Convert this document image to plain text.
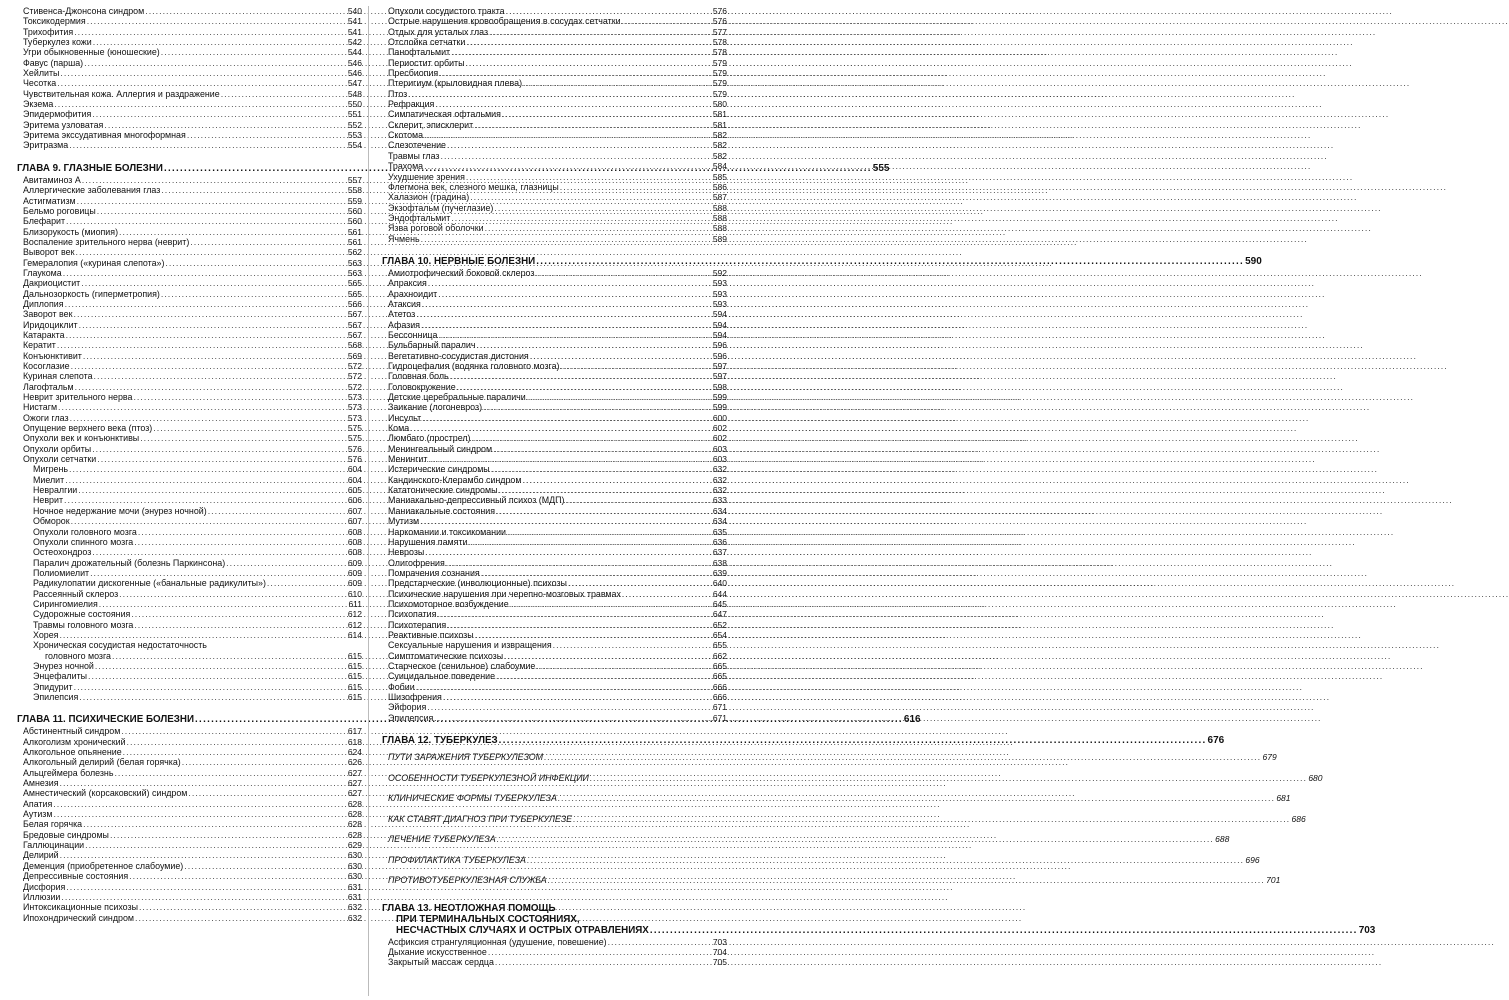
Стивенса-Джонсона синдром .....	540
Токсикодермия .....	541
Трихофития .....	541
Туберкулез кожи .....	542
Угри обыкновенные (юношеские) .....	544
Фавус (парша) .....	546
Хейлиты .....	546
Чесотка .....	547
Чувствительная кожа. Аллергия и раздражение .....	548
Экзема .....	550
Эпидермофития .....	551
Эритема узловатая .....	552
Эритема экссудативная многоформная .....	553
Эритразма .....	554
ГЛАВА 9. ГЛАЗНЫЕ БОЛЕЗНИ .....	555
Авитаминоз А .....	557
Аллергические заболевания глаз .....	558
Астигматизм .....	559
Бельмо роговицы .....	560
Блефарит .....	560
Близорукость (миопия) .....	561
Воспаление зрительного нерва (неврит) .....	561
Выворот век .....	562
Гемералопия («куриная слепота») .....	563
Глаукома .....	563
Дакриоцистит .....	565
Дальнозоркость (гиперметропия) .....	565
Диплопия .....	566
Заворот век .....	567
Иридоциклит .....	567
Катаракта .....	567
Кератит .....	568
Конъюнктивит .....	569
Косоглазие .....	572
Куриная слепота .....	572
Лагофтальм .....	572
Неврит зрительного нерва .....	573
Нистагм .....	573
Ожоги глаз .....	573
Опущение верхнего века (птоз) .....	575
Опухоли век и конъюнктивы .....	575
Опухоли орбиты .....	576
Опухоли сетчатки .....	576
Мигрень .....	604
Миелит .....	604
Невралгии .....	605
Неврит .....	606
Ночное недержание мочи (энурез ночной) .....	607
Обморок .....	607
Опухоли головного мозга .....	608
Опухоли спинного мозга .....	608
Остеохондроз .....	608
Паралич дрожательный (болезнь Паркинсона) .....	609
Полиомиелит .....	609
Радикулопатии дискогенные («банальные радикулиты») .....	609
Рассеянный склероз .....	610
Сирингомиелия .....	611
Судорожные состояния .....	612
Травмы головного мозга .....	612
Хорея .....	614
Хроническая сосудистая недостаточность
головного мозга .....	615
Энурез ночной .....	615
Энцефалиты .....	615
Эпидурит .....	615
Эпилепсия .....	615
ГЛАВА 11. ПСИХИЧЕСКИЕ БОЛЕЗНИ .....	616
Абстинентный синдром .....	617
Алкоголизм хронический .....	618
Алкогольное опьянение .....	624
Алкогольный делирий (белая горячка) .....	626
Альцгеймера болезнь .....	627
Амнезия .....	627
Амнестический (корсаковский) синдром .....	627
Апатия .....	628
Аутизм .....	628
Белая горячка .....	628
Бредовые синдромы .....	628
Галлюцинации .....	629
Делирий .....	630
Деменция (приобретенное слабоумие) .....	630
Депрессивные состояния .....	630
Дисфория .....	631
Иллюзии .....	631
Интоксикационные психозы .....	632
Ипохондрический синдром .....	632
Опухоли сосудистого тракта .....	576
Острые нарушения кровообращения в сосудах сетчатки .....	576
Отдых для усталых глаз .....	577
Отслойка сетчатки .....	578
Панофтальмит .....	578
Периостит орбиты .....	579
Пресбиопия .....	579
Птеригиум (крыловидная плева) .....	579
Птоз .....	579
Рефракция .....	580
Симпатическая офтальмия .....	581
Склерит, эписклерит .....	581
Скотома .....	582
Слезотечение .....	582
Травмы глаз .....	582
Трахома .....	584
Ухудшение зрения .....	585
Флегмона век, слезного мешка, глазницы .....	586
Халазион (градина) .....	587
Экзофтальм (пучеглазие) .....	588
Эндофтальмит .....	588
Язва роговой оболочки .....	588
Ячмень .....	589
ГЛАВА 10. НЕРВНЫЕ БОЛЕЗНИ .....	590
Амиотрофический боковой склероз .....	592
Апраксия .....	593
Арахноидит .....	593
Атаксия .....	593
Атетоз .....	594
Афазия .....	594
Бессонница .....	594
Бульбарный паралич .....	596
Вегетативно-сосудистая дистония .....	596
Гидроцефалия (водянка головного мозга) .....	597
Головная боль .....	597
Головокружение .....	598
Детские церебральные параличи .....	599
Заикание (логоневроз) .....	599
Инсульт .....	600
Кома .....	602
Люмбаго (прострел) .....	602
Менингеальный синдром .....	603
Менингит .....	603
Истерические синдромы .....	632
Кандинского-Клерамбо синдром .....	632
Кататонические синдромы .....	632
Маниакально-депрессивный психоз (МДП) .....	633
Маниакальные состояния .....	634
Мутизм .....	634
Наркомании и токсикомании .....	635
Нарушения памяти .....	636
Неврозы .....	637
Олигофрения .....	638
Помрачения сознания .....	639
Предстарческие (инволюционные) психозы .....	640
Психические нарушения при черепно-мозговых травмах .....	644
Психомоторное возбуждение .....	645
Психопатия .....	647
Психотерапия .....	652
Реактивные психозы .....	654
Сексуальные нарушения и извращения .....	655
Симптоматические психозы .....	662
Старческое (сенильное) слабоумие .....	665
Суицидальное поведение .....	665
Фобии .....	666
Шизофрения .....	666
Эйфория .....	671
Эпилепсия .....	671
ГЛАВА 12. ТУБЕРКУЛЕЗ .....	676
ПУТИ ЗАРАЖЕНИЯ ТУБЕРКУЛЕЗОМ .....	679
ОСОБЕННОСТИ ТУБЕРКУЛЕЗНОЙ ИНФЕКЦИИ .....	680
КЛИНИЧЕСКИЕ ФОРМЫ ТУБЕРКУЛЕЗА .....	681
КАК СТАВЯТ ДИАГНОЗ ПРИ ТУБЕРКУЛЕЗЕ .....	686
ЛЕЧЕНИЕ ТУБЕРКУЛЕЗА .....	688
ПРОФИЛАКТИКА ТУБЕРКУЛЕЗА .....	696
ПРОТИВОТУБЕРКУЛЕЗНАЯ СЛУЖБА .....	701
ГЛАВА 13. НЕОТЛОЖНАЯ ПОМОЩЬ
ПРИ ТЕРМИНАЛЬНЫХ СОСТОЯНИЯХ,
НЕСЧАСТНЫХ СЛУЧАЯХ И ОСТРЫХ ОТРАВЛЕНИЯХ .....	703
Асфиксия странгуляционная (удушение, повешение) .....	703
Дыхание искусственное .....	704
Закрытый массаж сердца .....	705
